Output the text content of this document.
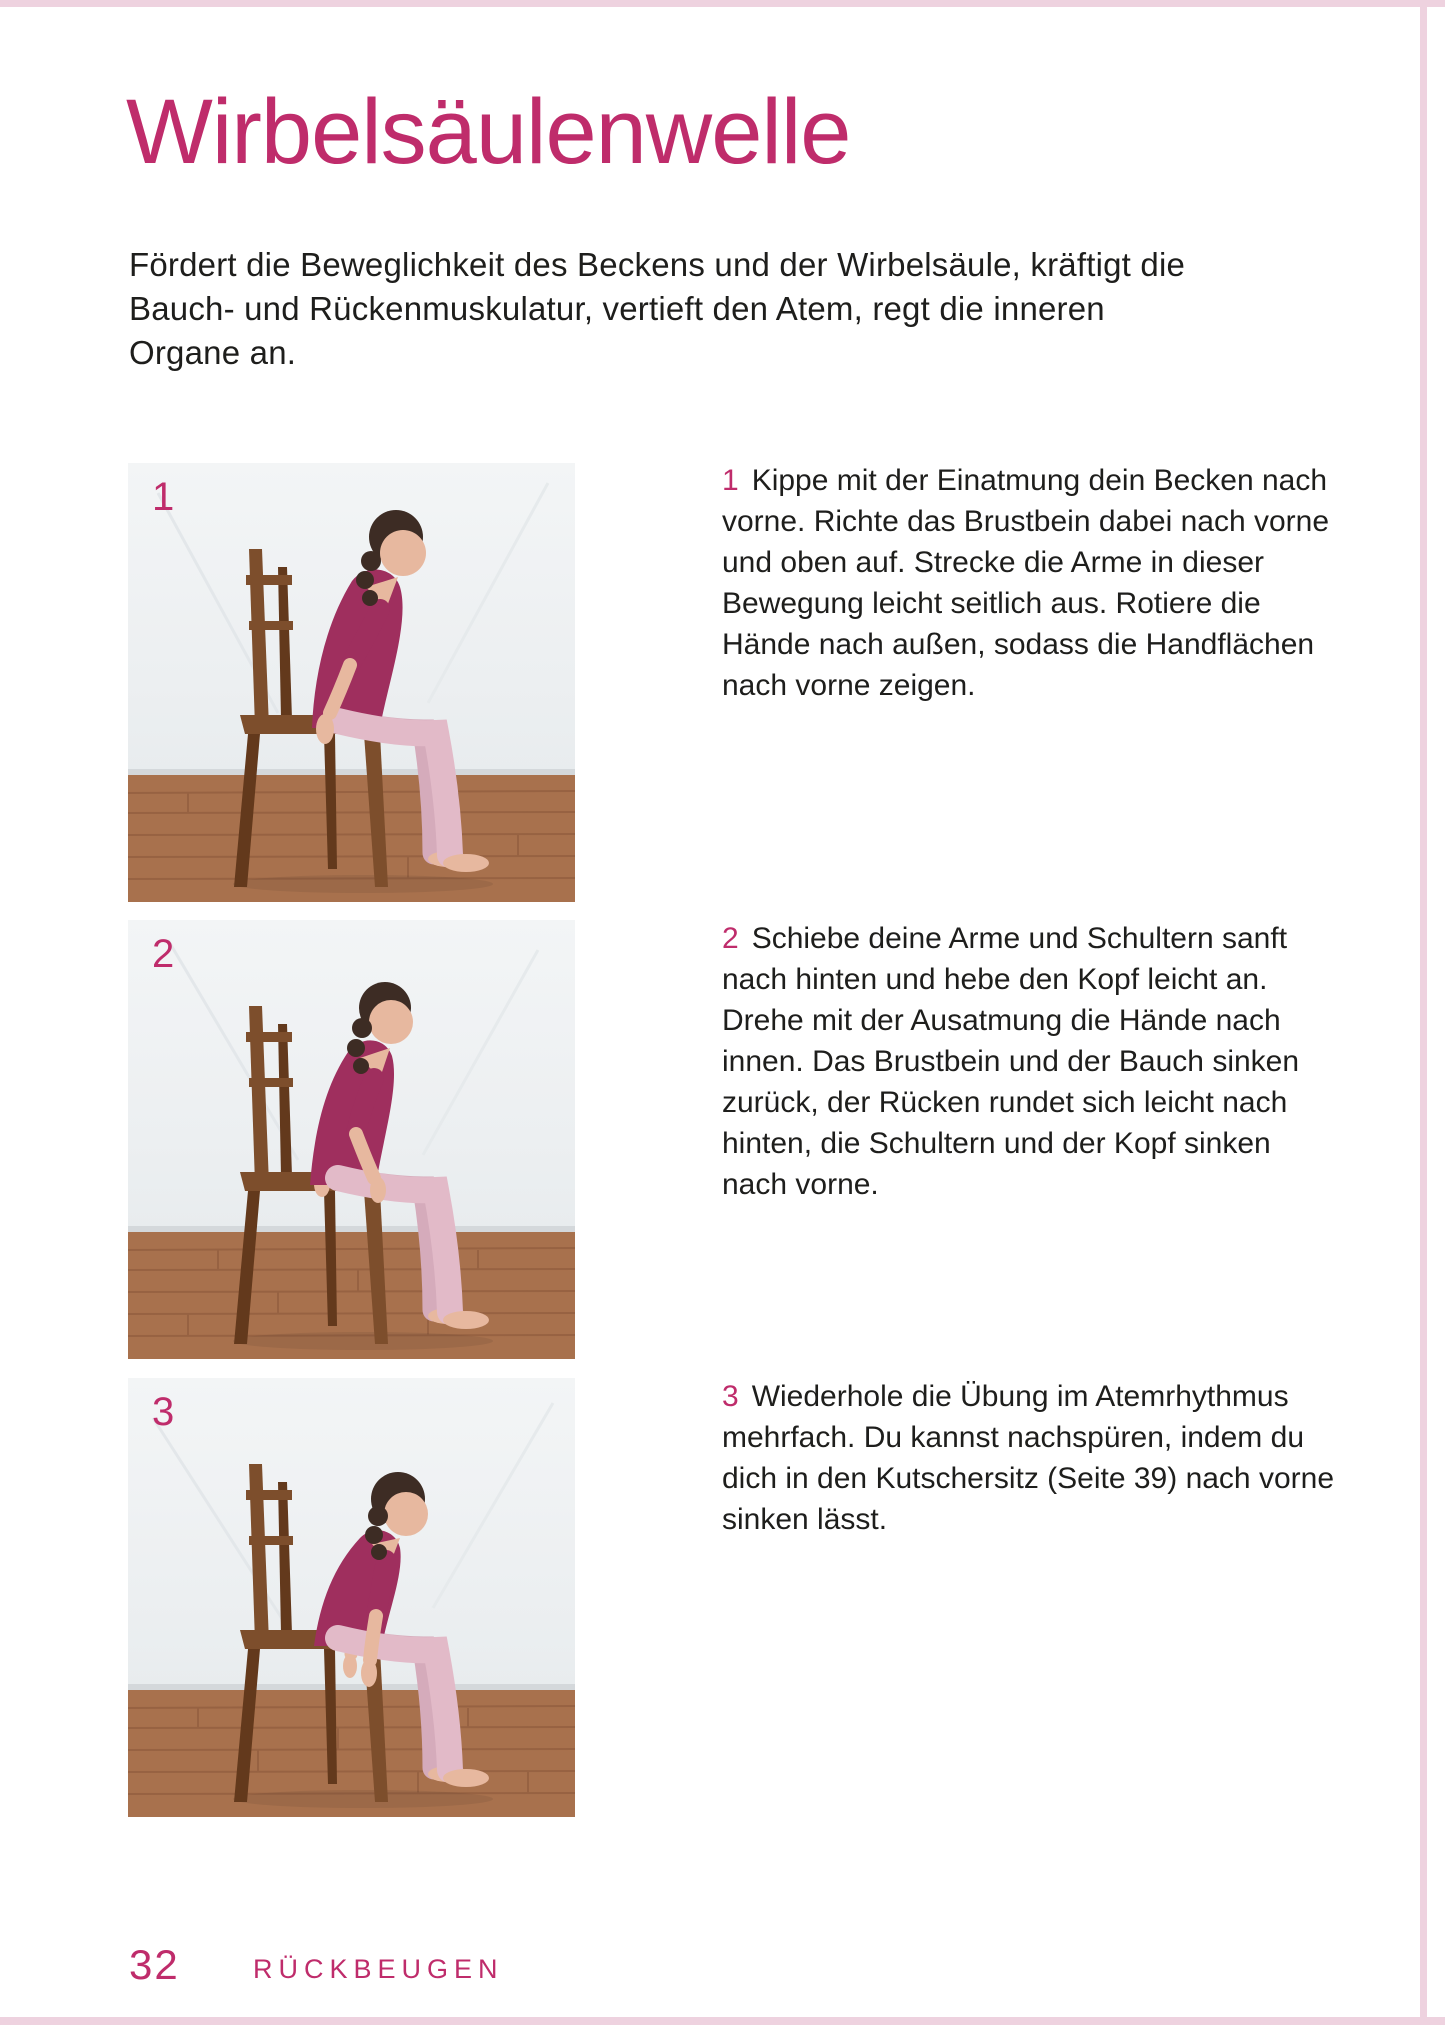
Wirbelsäulenwelle

Fördert die Beweglichkeit des Beckens und der Wirbelsäule, kräftigt die Bauch- und Rückenmuskulatur, vertieft den Atem, regt die inneren Organe an.

1	1 Kippe mit der Einatmung dein Becken nach vorne. Richte das Brustbein dabei nach vorne und oben auf. Strecke die Arme in dieser Bewegung leicht seitlich aus. Rotiere die Hände nach außen, sodass die Handflächen nach vorne zeigen.

2	2 Schiebe deine Arme und Schultern sanft nach hinten und hebe den Kopf leicht an. Drehe mit der Ausatmung die Hände nach innen. Das Brustbein und der Bauch sinken zurück, der Rücken rundet sich leicht nach hinten, die Schultern und der Kopf sinken nach vorne.

3	3 Wiederhole die Übung im Atemrhythmus mehrfach. Du kannst nachspüren, indem du dich in den Kutschersitz (Seite 39) nach vorne sinken lässt.

32	RÜCKBEUGEN
